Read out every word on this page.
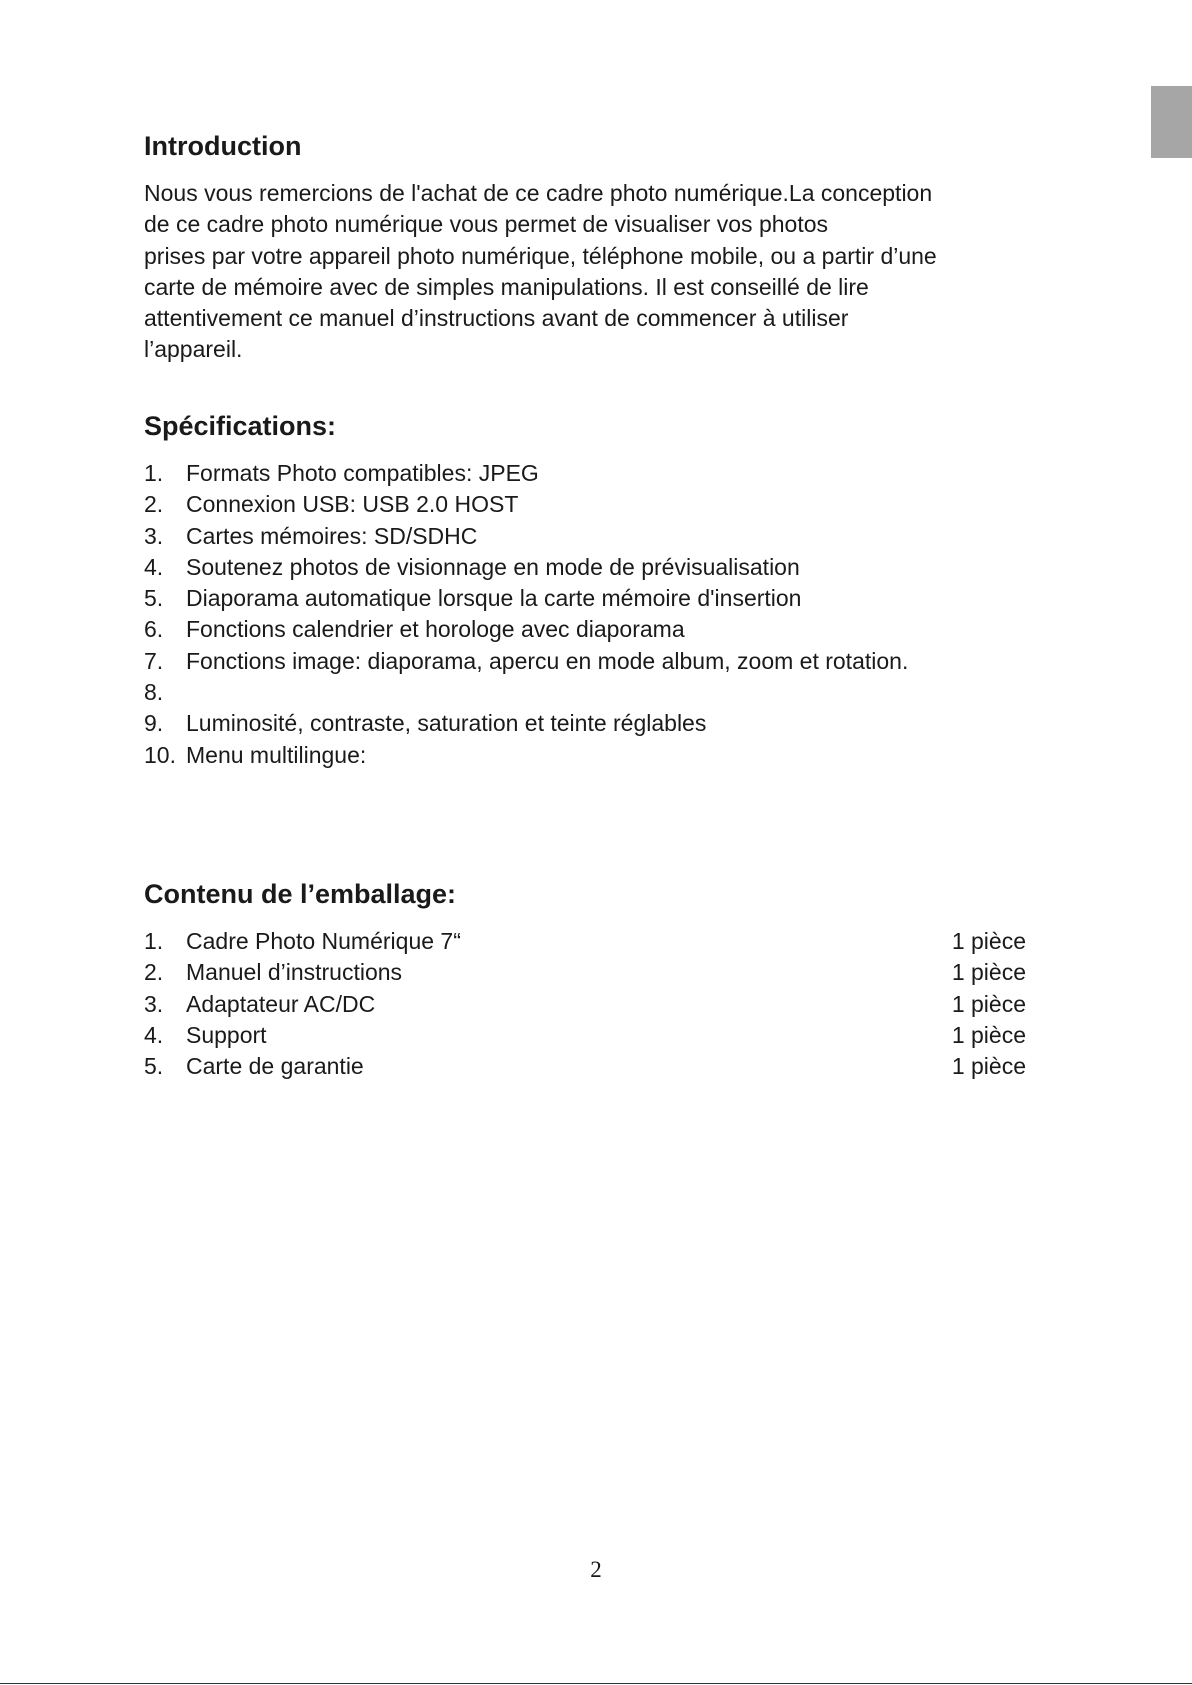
Introduction
Nous vous remercions de l'achat de ce cadre photo numérique.La conception
de ce cadre photo numérique vous permet de visualiser vos photos
prises par votre appareil photo numérique, téléphone mobile, ou a partir d’une
carte de mémoire avec de simples manipulations. Il est conseillé de lire
attentivement ce manuel d’instructions avant de commencer à utiliser
l’appareil.
Spécifications:
1. Formats Photo compatibles: JPEG
2. Connexion USB: USB 2.0 HOST
3. Cartes mémoires: SD/SDHC
4. Soutenez photos de visionnage en mode de prévisualisation
5. Diaporama automatique lorsque la carte mémoire d'insertion
6. Fonctions calendrier et horologe avec diaporama
7. Fonctions image: diaporama, apercu en mode album, zoom et rotation.
8.
9. Luminosité, contraste, saturation et teinte réglables
10. Menu multilingue:
Contenu de l’emballage:
1. Cadre Photo Numérique 7“	1 pièce
2. Manuel d’instructions	1 pièce
3. Adaptateur AC/DC	1 pièce
4. Support	1 pièce
5. Carte de garantie	1 pièce
2
